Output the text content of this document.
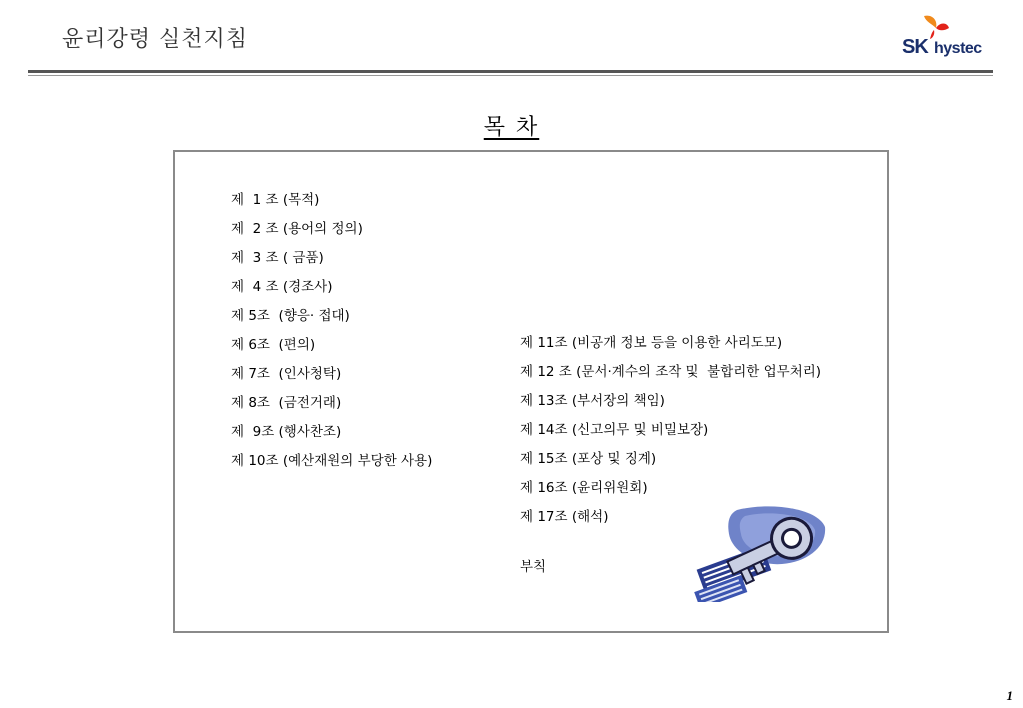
윤리강령 실천지침	SK hystec
목 차
제  1 조 (목적)
제  2 조 (용어의 정의)
제  3 조 ( 금품)
제  4 조 (경조사)
제 5조  (향응· 접대)
제 6조  (편의)
제 7조  (인사청탁)
제 8조  (금전거래)
제  9조 (행사찬조)
제 10조 (예산재원의 부당한 사용)
제 11조 (비공개 정보 등을 이용한 사리도모)
제 12 조 (문서·계수의 조작 및  불합리한 업무처리)
제 13조 (부서장의 책임)
제 14조 (신고의무 및 비밀보장)
제 15조 (포상 및 징계)
제 16조 (윤리위원회)
제 17조 (해석)
부칙
1
